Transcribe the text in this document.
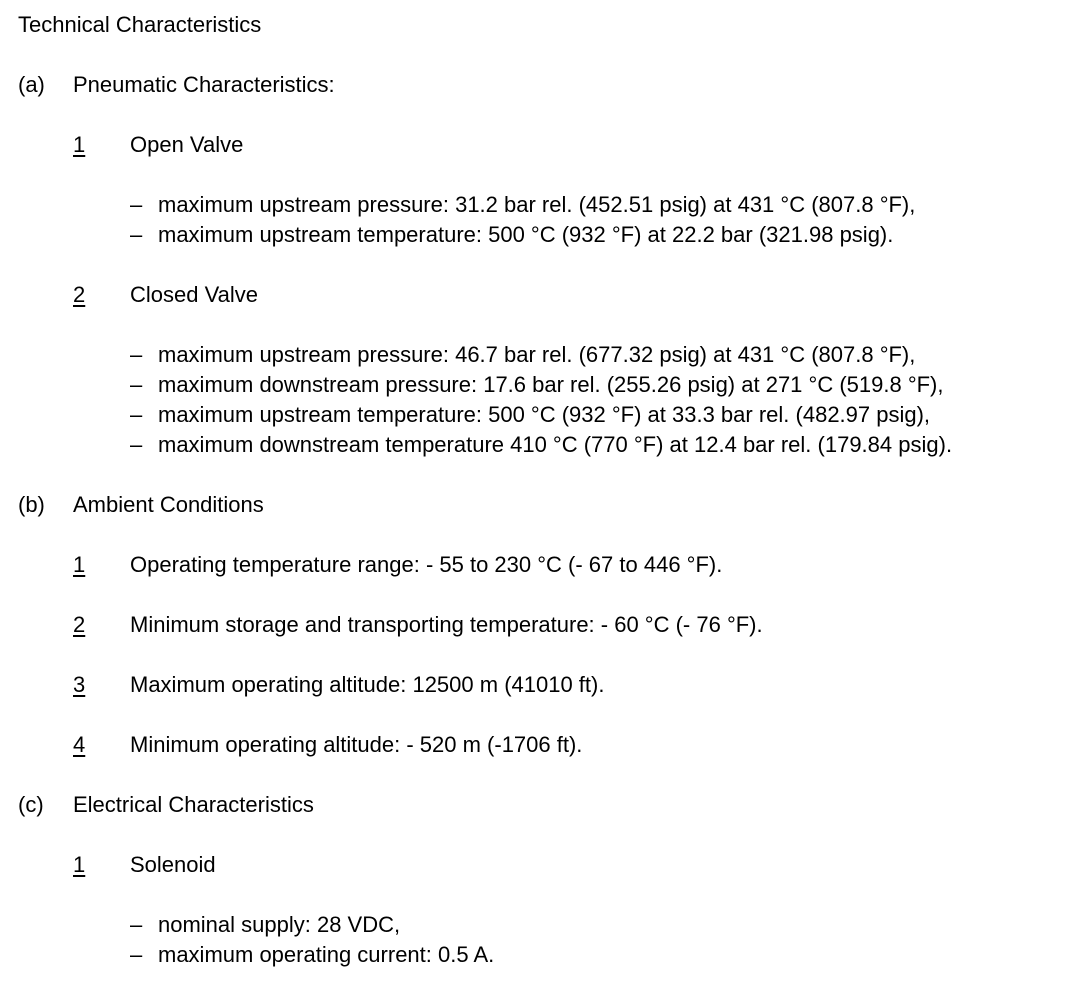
Technical Characteristics
(a) Pneumatic Characteristics:
1 Open Valve
– maximum upstream pressure: 31.2 bar rel. (452.51 psig) at 431 °C (807.8 °F),
– maximum upstream temperature: 500 °C (932 °F) at 22.2 bar (321.98 psig).
2 Closed Valve
– maximum upstream pressure: 46.7 bar rel. (677.32 psig) at 431 °C (807.8 °F),
– maximum downstream pressure: 17.6 bar rel. (255.26 psig) at 271 °C (519.8 °F),
– maximum upstream temperature: 500 °C (932 °F) at 33.3 bar rel. (482.97 psig),
– maximum downstream temperature 410 °C (770 °F) at 12.4 bar rel. (179.84 psig).
(b) Ambient Conditions
1 Operating temperature range: - 55 to 230 °C (- 67 to 446 °F).
2 Minimum storage and transporting temperature: - 60 °C (- 76 °F).
3 Maximum operating altitude: 12500 m (41010 ft).
4 Minimum operating altitude: - 520 m (-1706 ft).
(c) Electrical Characteristics
1 Solenoid
– nominal supply: 28 VDC,
– maximum operating current: 0.5 A.
